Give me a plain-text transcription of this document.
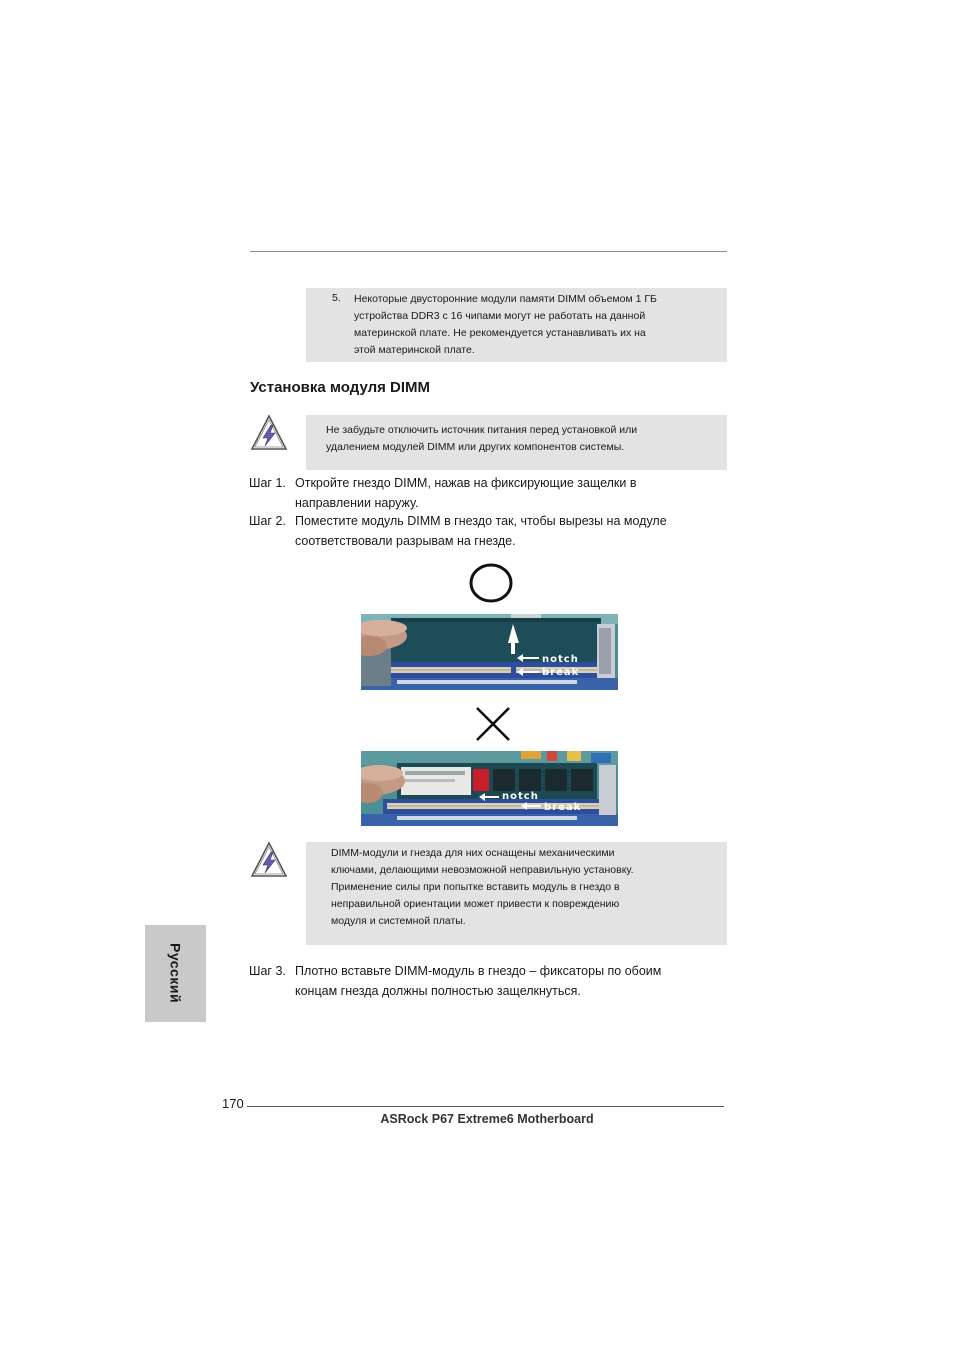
5. Некоторые двусторонние модули памяти DIMM объемом 1 ГБ
устройства DDR3 с 16 чипами могут не работать на данной
материнской плате. Не рекомендуется устанавливать их на
этой материнской плате.
Установка модуля DIMM
Не забудьте отключить источник питания перед установкой или
удалением модулей DIMM или других компонентов системы.
Шаг 1. Откройте гнездо DIMM, нажав на фиксирующие защелки в
направлении наружу.
Шаг 2. Поместите модуль DIMM в гнездо так, чтобы вырезы на модуле
соответствовали разрывам на гнезде.
notch
break
notch
break
DIMM-модули и гнезда для них оснащены механическими
ключами, делающими невозможной неправильную установку.
Применение силы при попытке вставить модуль в гнездо в
неправильной ориентации может привести к повреждению
модуля и системной платы.
Русский	Шаг 3. Плотно вставьте DIMM-модуль в гнездо – фиксаторы по обоим
концам гнезда должны полностью защелкнуться.
170
ASRock P67 Extreme6 Motherboard
